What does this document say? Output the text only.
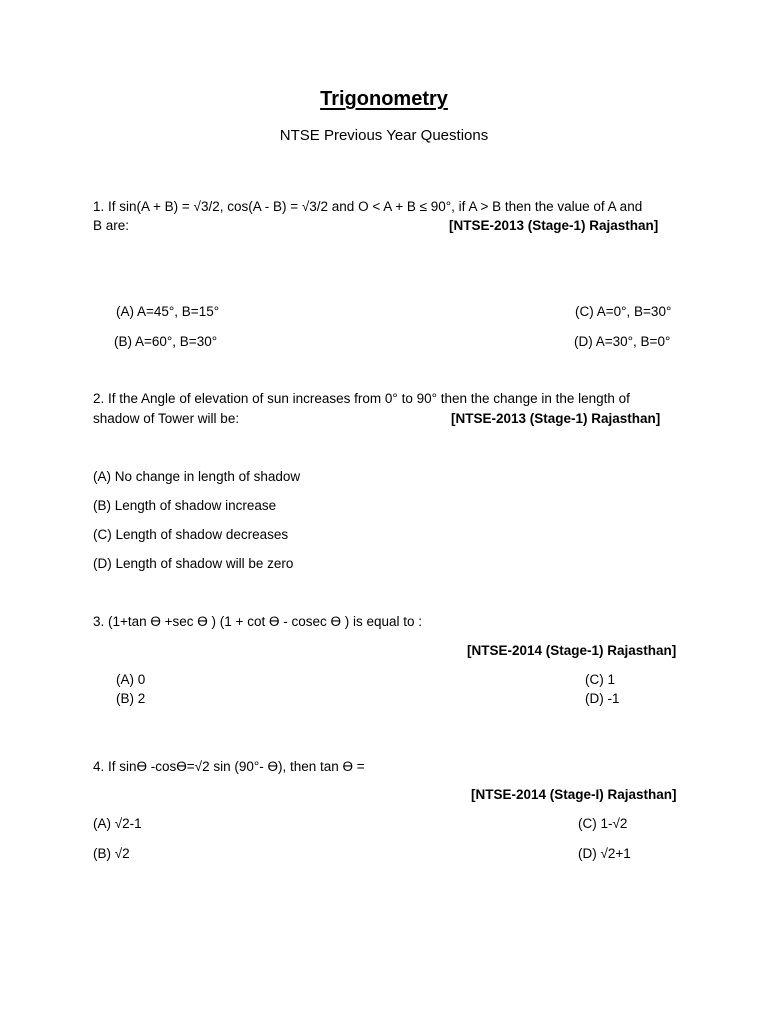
Trigonometry
NTSE Previous Year Questions
1. If sin(A + B) = √3/2, cos(A - B) = √3/2 and O < A + B ≤ 90°, if A > B then the value of A and
B are:	[NTSE-2013 (Stage-1) Rajasthan]
(A) A=45°, B=15°	(C) A=0°, B=30°
(B) A=60°, B=30°	(D) A=30°, B=0°
2. If the Angle of elevation of sun increases from 0° to 90° then the change in the length of
shadow of Tower will be:	[NTSE-2013 (Stage-1) Rajasthan]
(A) No change in length of shadow
(B) Length of shadow increase
(C) Length of shadow decreases
(D) Length of shadow will be zero
3. (1+tan Ɵ +sec Ɵ ) (1 + cot Ɵ - cosec Ɵ ) is equal to :
[NTSE-2014 (Stage-1) Rajasthan]
(A) 0	(C) 1
(B) 2	(D) -1
4. If sinƟ -cosƟ=√2 sin (90°- Ɵ), then tan Ɵ =
[NTSE-2014 (Stage-I) Rajasthan]
(A) √2-1	(C) 1-√2
(B) √2	(D) √2+1
